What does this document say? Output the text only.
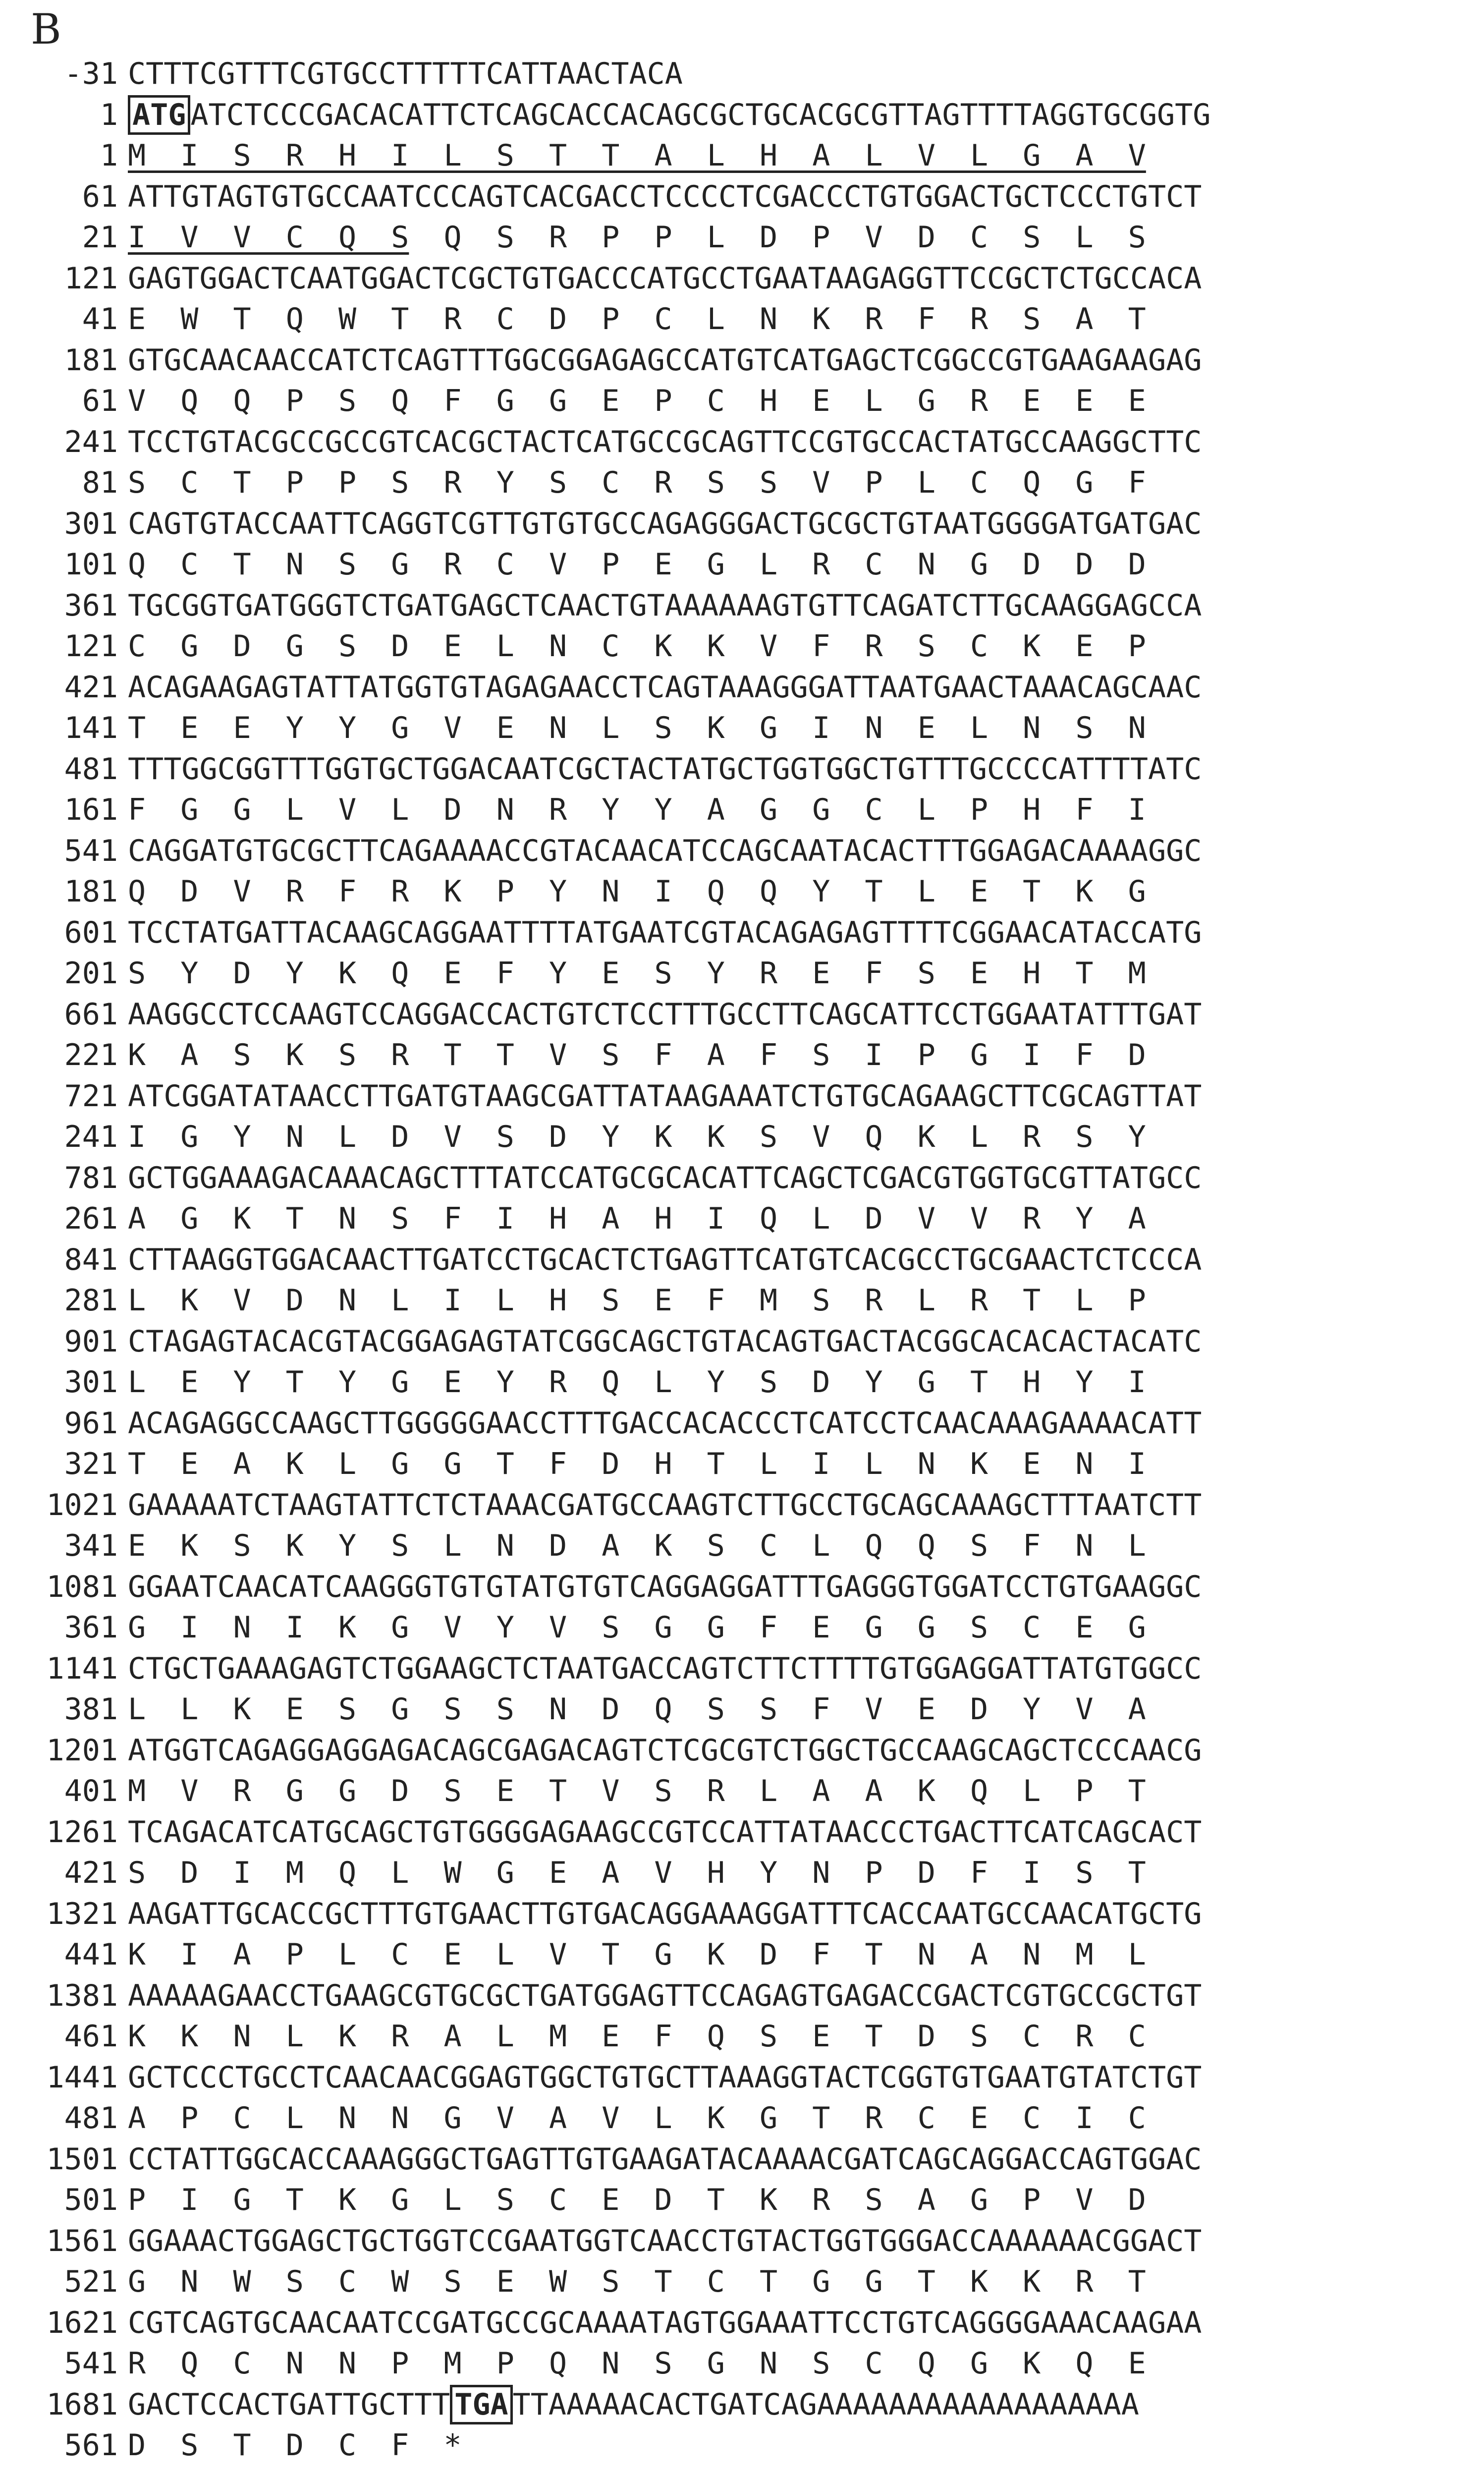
B
-31 CTTTCGTTTCGTGCCTTTTTCATTAACTACA
1 ATG ATCTCCCGACACATTCTCAGCACCACAGCGCTGCACGCGTTAGTTTTAGGTGCGGTG
1 M I S R H I L S T T A L H A L V L G A V
61 ATTGTAGTGTGCCAATCCCAGTCACGACCTCCCCTCGACCCTGTGGACTGCTCCCTGTCT
21 I V V C Q S Q S R P P L D P V D C S L S
121 GAGTGGACTCAATGGACTCGCTGTGACCCATGCCTGAATAAGAGGTTCCGCTCTGCCACA
41 E W T Q W T R C D P C L N K R F R S A T
181 GTGCAACAACCATCTCAGTTTGGCGGAGAGCCATGTCATGAGCTCGGCCGTGAAGAAGAG
61 V Q Q P S Q F G G E P C H E L G R E E E
241 TCCTGTACGCCGCCGTCACGCTACTCATGCCGCAGTTCCGTGCCACTATGCCAAGGCTTC
81 S C T P P S R Y S C R S S V P L C Q G F
301 CAGTGTACCAATTCAGGTCGTTGTGTGCCAGAGGGACTGCGCTGTAATGGGGATGATGAC
101 Q C T N S G R C V P E G L R C N G D D D
361 TGCGGTGATGGGTCTGATGAGCTCAACTGTAAAAAAGTGTTCAGATCTTGCAAGGAGCCA
121 C G D G S D E L N C K K V F R S C K E P
421 ACAGAAGAGTATTATGGTGTAGAGAACCTCAGTAAAGGGATTAATGAACTAAACAGCAAC
141 T E E Y Y G V E N L S K G I N E L N S N
481 TTTGGCGGTTTGGTGCTGGACAATCGCTACTATGCTGGTGGCTGTTTGCCCCATTTTATC
161 F G G L V L D N R Y Y A G G C L P H F I
541 CAGGATGTGCGCTTCAGAAAACCGTACAACATCCAGCAATACACTTTGGAGACAAAAGGC
181 Q D V R F R K P Y N I Q Q Y T L E T K G
601 TCCTATGATTACAAGCAGGAATTTTATGAATCGTACAGAGAGTTTTCGGAACATACCATG
201 S Y D Y K Q E F Y E S Y R E F S E H T M
661 AAGGCCTCCAAGTCCAGGACCACTGTCTCCTTTGCCTTCAGCATTCCTGGAATATTTGAT
221 K A S K S R T T V S F A F S I P G I F D
721 ATCGGATATAACCTTGATGTAAGCGATTATAAGAAATCTGTGCAGAAGCTTCGCAGTTAT
241 I G Y N L D V S D Y K K S V Q K L R S Y
781 GCTGGAAAGACAAACAGCTTTATCCATGCGCACATTCAGCTCGACGTGGTGCGTTATGCC
261 A G K T N S F I H A H I Q L D V V R Y A
841 CTTAAGGTGGACAACTTGATCCTGCACTCTGAGTTCATGTCACGCCTGCGAACTCTCCCA
281 L K V D N L I L H S E F M S R L R T L P
901 CTAGAGTACACGTACGGAGAGTATCGGCAGCTGTACAGTGACTACGGCACACACTACATC
301 L E Y T Y G E Y R Q L Y S D Y G T H Y I
961 ACAGAGGCCAAGCTTGGGGGAACCTTTGACCACACCCTCATCCTCAACAAAGAAAACATT
321 T E A K L G G T F D H T L I L N K E N I
1021 GAAAAATCTAAGTATTCTCTAAACGATGCCAAGTCTTGCCTGCAGCAAAGCTTTAATCTT
341 E K S K Y S L N D A K S C L Q Q S F N L
1081 GGAATCAACATCAAGGGTGTGTATGTGTCAGGAGGATTTGAGGGTGGATCCTGTGAAGGC
361 G I N I K G V Y V S G G F E G G S C E G
1141 CTGCTGAAAGAGTCTGGAAGCTCTAATGACCAGTCTTCTTTTGTGGAGGATTATGTGGCC
381 L L K E S G S S N D Q S S F V E D Y V A
1201 ATGGTCAGAGGAGGAGACAGCGAGACAGTCTCGCGTCTGGCTGCCAAGCAGCTCCCAACG
401 M V R G G D S E T V S R L A A K Q L P T
1261 TCAGACATCATGCAGCTGTGGGGAGAAGCCGTCCATTATAACCCTGACTTCATCAGCACT
421 S D I M Q L W G E A V H Y N P D F I S T
1321 AAGATTGCACCGCTTTGTGAACTTGTGACAGGAAAGGATTTCACCAATGCCAACATGCTG
441 K I A P L C E L V T G K D F T N A N M L
1381 AAAAAGAACCTGAAGCGTGCGCTGATGGAGTTCCAGAGTGAGACCGACTCGTGCCGCTGT
461 K K N L K R A L M E F Q S E T D S C R C
1441 GCTCCCTGCCTCAACAACGGAGTGGCTGTGCTTAAAGGTACTCGGTGTGAATGTATCTGT
481 A P C L N N G V A V L K G T R C E C I C
1501 CCTATTGGCACCAAAGGGCTGAGTTGTGAAGATACAAAACGATCAGCAGGACCAGTGGAC
501 P I G T K G L S C E D T K R S A G P V D
1561 GGAAACTGGAGCTGCTGGTCCGAATGGTCAACCTGTACTGGTGGGACCAAAAAACGGACT
521 G N W S C W S E W S T C T G G T K K R T
1621 CGTCAGTGCAACAATCCGATGCCGCAAAATAGTGGAAATTCCTGTCAGGGGAAACAAGAA
541 R Q C N N P M P Q N S G N S C Q G K Q E
1681 GACTCCACTGATTGCTTT TGA TTAAAAACACTGATCAGAAAAAAAAAAAAAAAAAA
561 D S T D C F *
